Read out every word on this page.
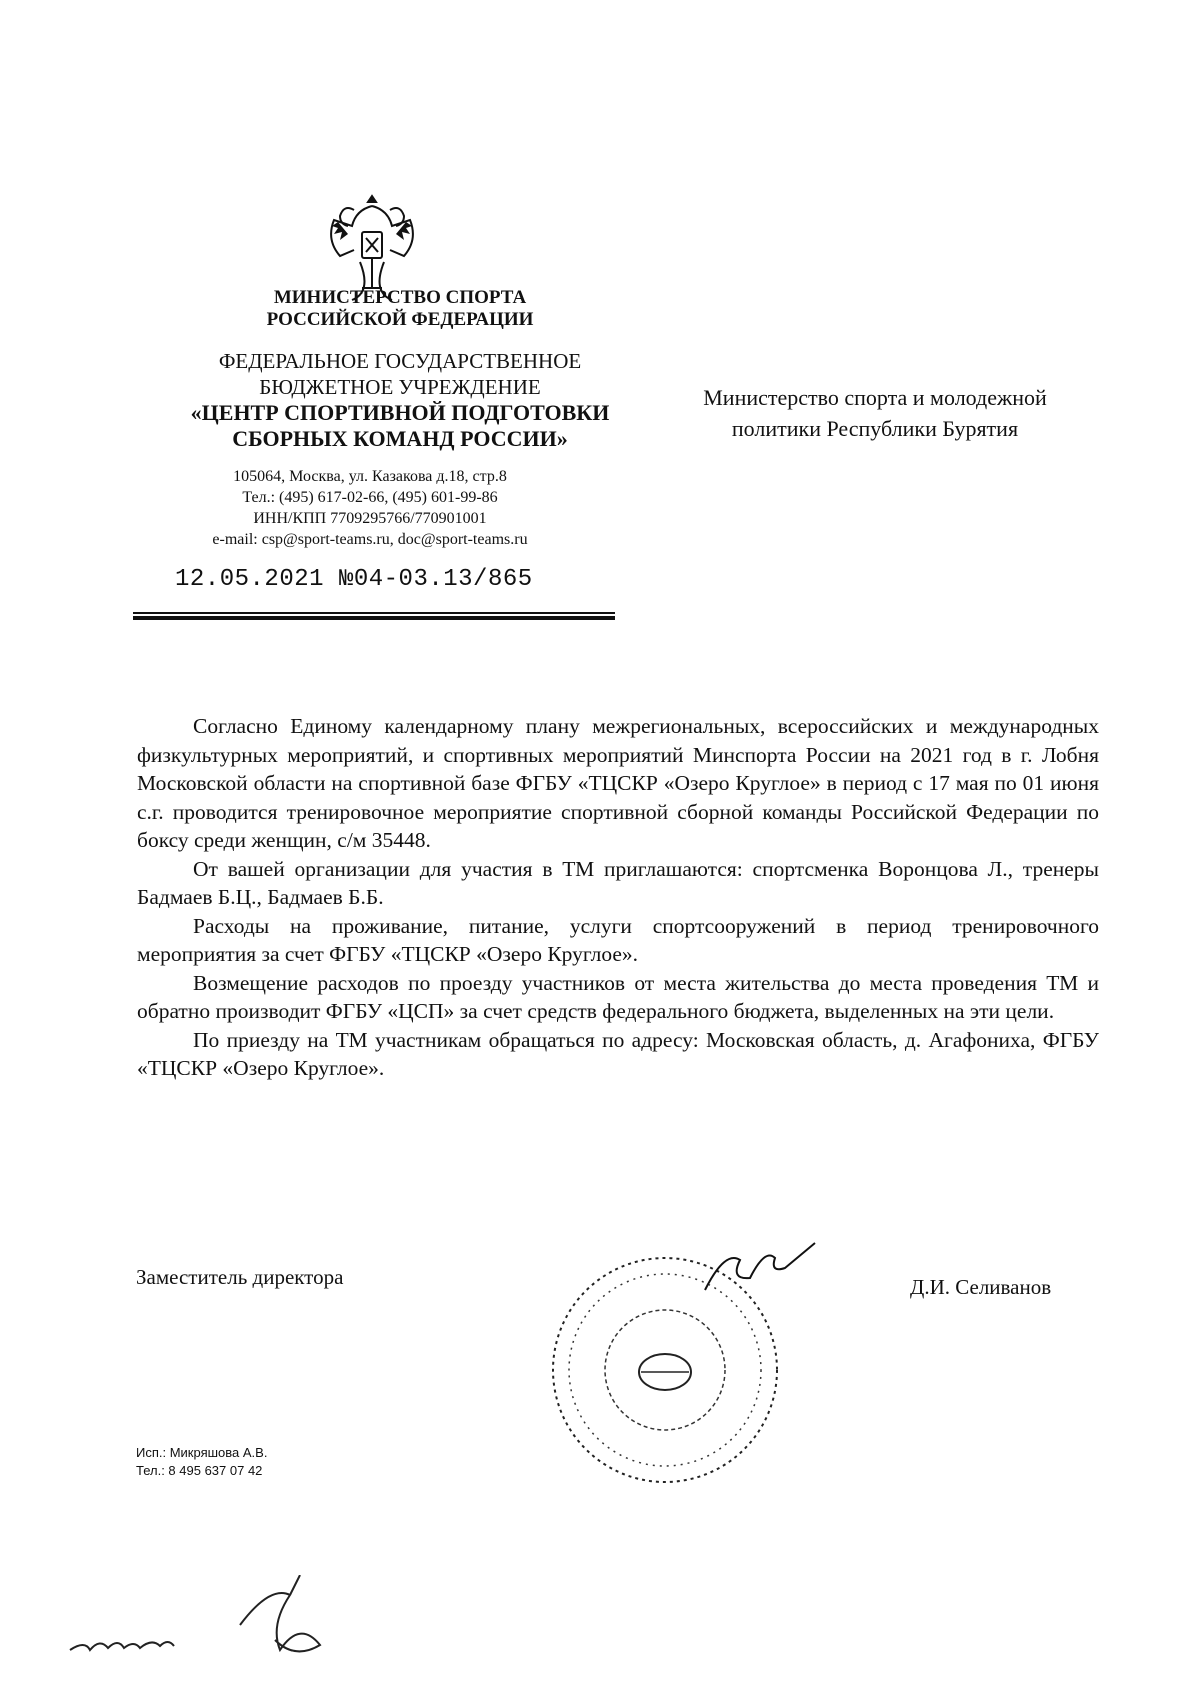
МИНИСТЕРСТВО СПОРТА
РОССИЙСКОЙ ФЕДЕРАЦИИ
ФЕДЕРАЛЬНОЕ ГОСУДАРСТВЕННОЕ
БЮДЖЕТНОЕ УЧРЕЖДЕНИЕ
«ЦЕНТР СПОРТИВНОЙ ПОДГОТОВКИ
СБОРНЫХ КОМАНД РОССИИ»
105064, Москва, ул. Казакова д.18, стр.8
Тел.: (495) 617-02-66, (495) 601-99-86
ИНН/КПП 7709295766/770901001
e-mail: csp@sport-teams.ru, doc@sport-teams.ru
12.05.2021 №04-03.13/865
Министерство спорта и молодежной
политики Республики Бурятия

Согласно Единому календарному плану межрегиональных, всероссийских и международных физкультурных мероприятий, и спортивных мероприятий Минспорта России на 2021 год в г. Лобня Московской области на спортивной базе ФГБУ «ТЦСКР «Озеро Круглое» в период с 17 мая по 01 июня с.г. проводится тренировочное мероприятие спортивной сборной команды Российской Федерации по боксу среди женщин, с/м 35448.

От вашей организации для участия в ТМ приглашаются: спортсменка Воронцова Л., тренеры Бадмаев Б.Ц., Бадмаев Б.Б.

Расходы на проживание, питание, услуги спортсооружений в период тренировочного мероприятия за счет ФГБУ «ТЦСКР «Озеро Круглое».

Возмещение расходов по проезду участников от места жительства до места проведения ТМ и обратно производит ФГБУ «ЦСП» за счет средств федерального бюджета, выделенных на эти цели.

По приезду на ТМ участникам обращаться по адресу: Московская область, д. Агафониха, ФГБУ «ТЦСКР «Озеро Круглое».

Заместитель директора	Д.И. Селиванов
Исп.: Микряшова А.В.
Тел.: 8 495 637 07 42
